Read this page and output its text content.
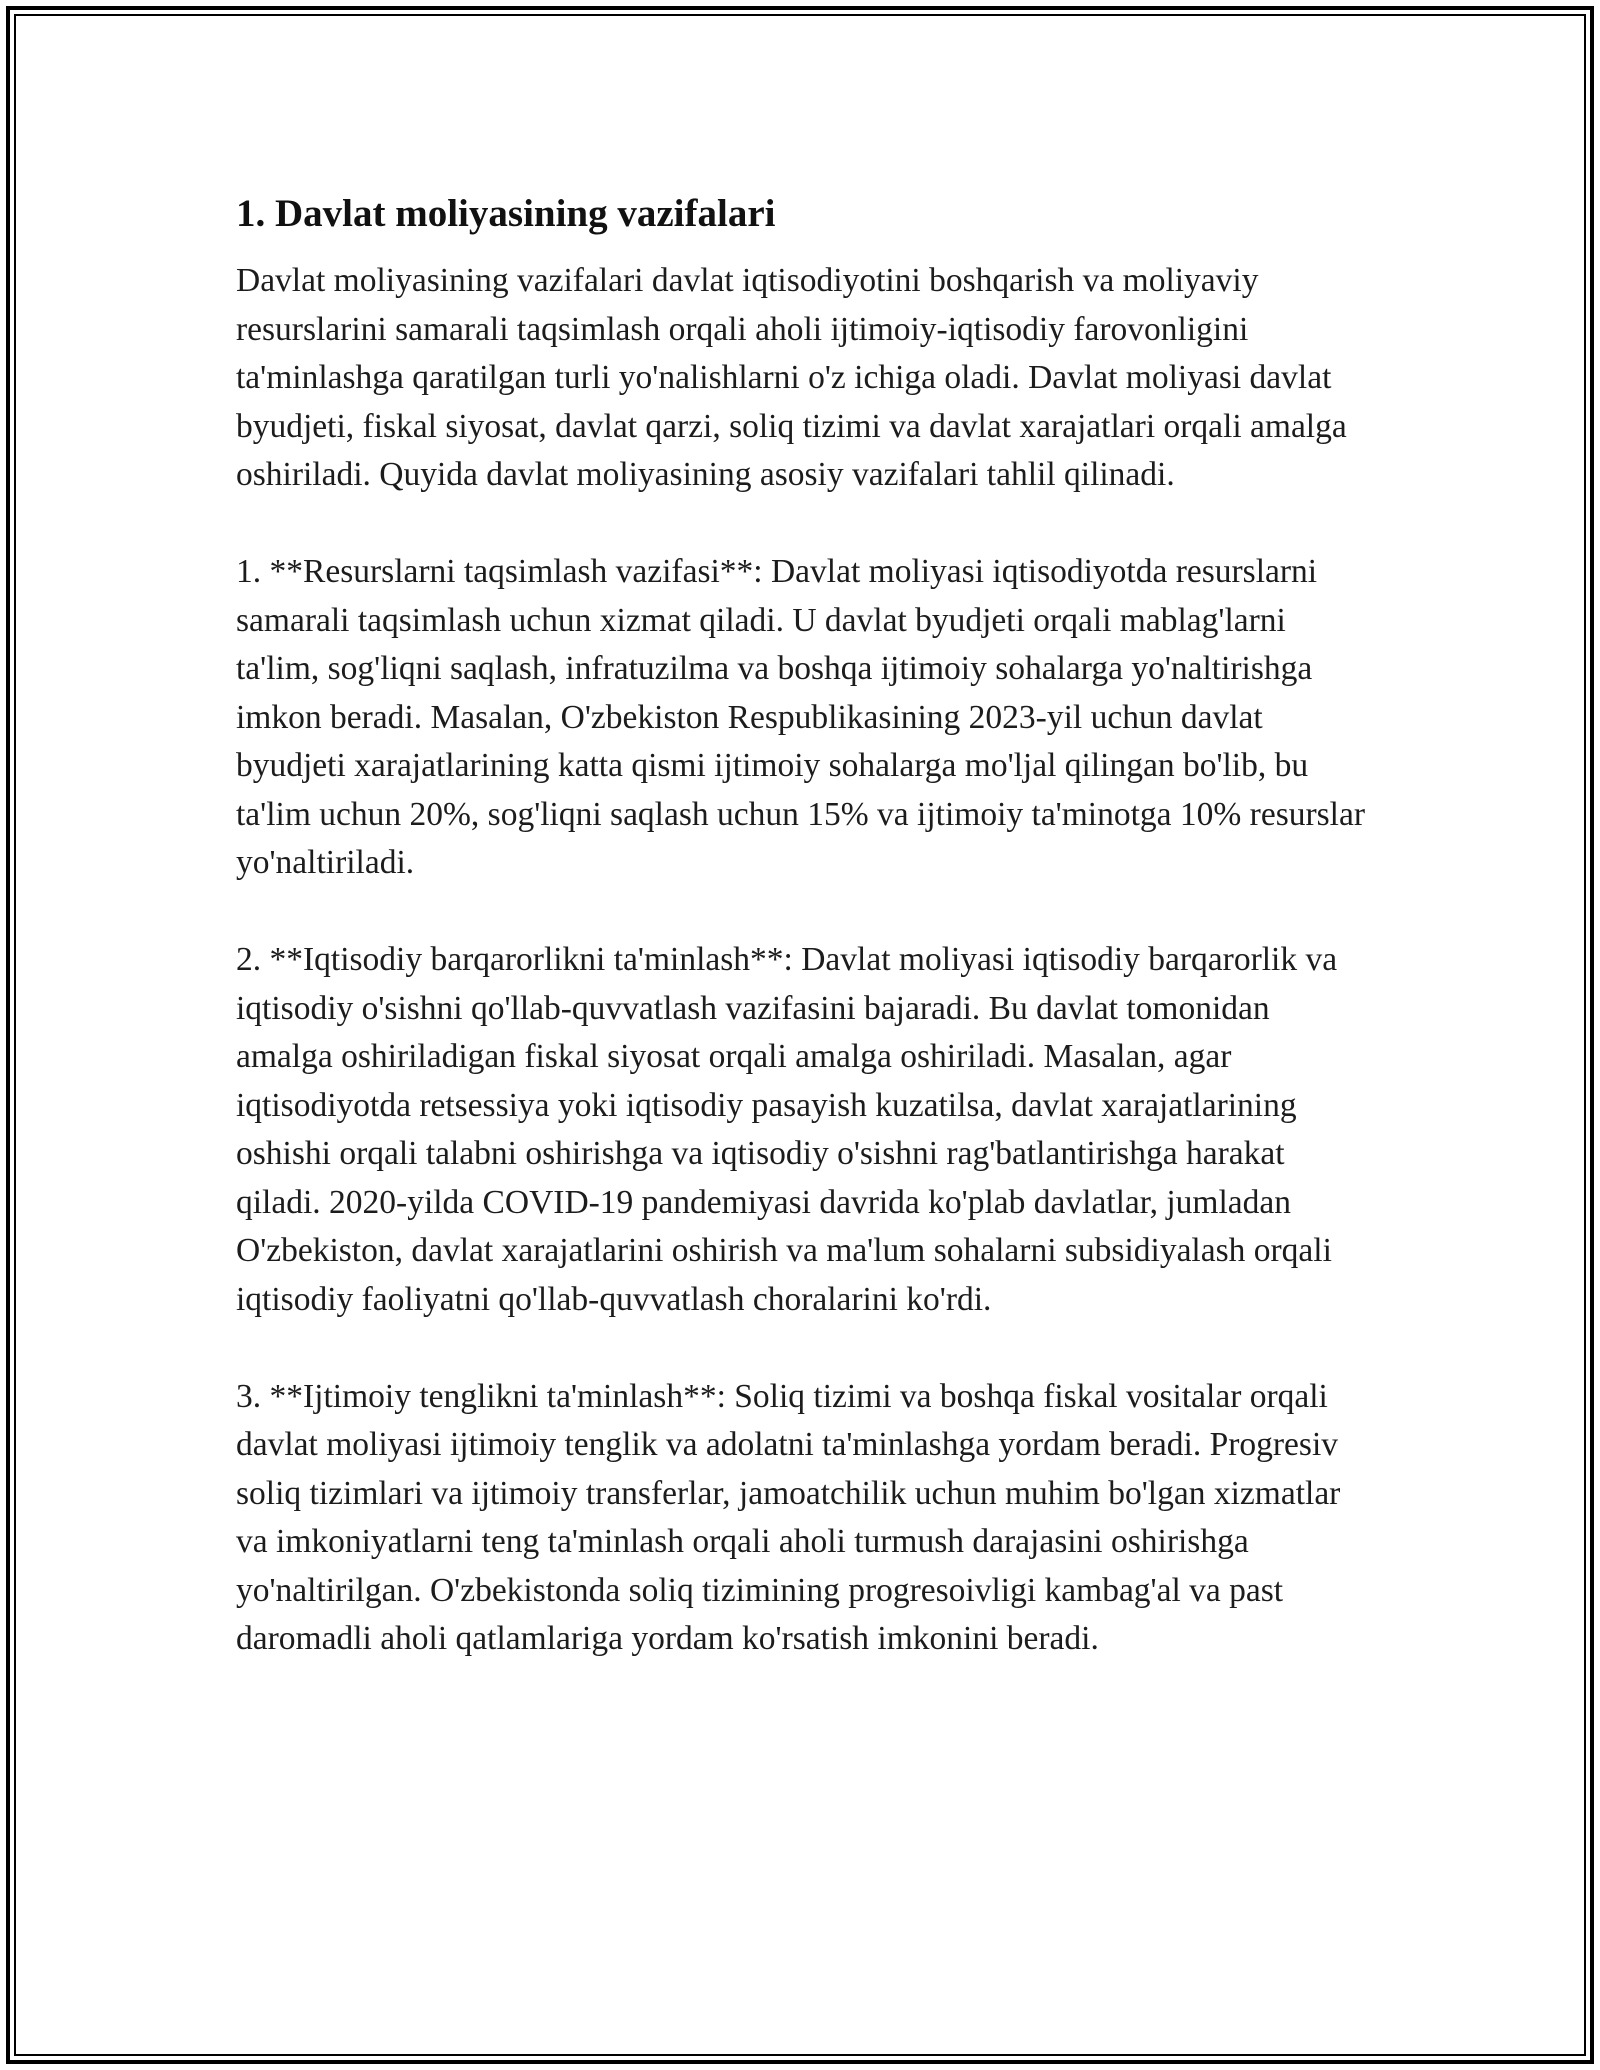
1. Davlat moliyasining vazifalari

Davlat moliyasining vazifalari davlat iqtisodiyotini boshqarish va moliyaviy resurslarini samarali taqsimlash orqali aholi ijtimoiy-iqtisodiy farovonligini ta'minlashga qaratilgan turli yo'nalishlarni o'z ichiga oladi. Davlat moliyasi davlat byudjeti, fiskal siyosat, davlat qarzi, soliq tizimi va davlat xarajatlari orqali amalga oshiriladi. Quyida davlat moliyasining asosiy vazifalari tahlil qilinadi.

1. **Resurslarni taqsimlash vazifasi**: Davlat moliyasi iqtisodiyotda resurslarni samarali taqsimlash uchun xizmat qiladi. U davlat byudjeti orqali mablag'larni ta'lim, sog'liqni saqlash, infratuzilma va boshqa ijtimoiy sohalarga yo'naltirishga imkon beradi. Masalan, O'zbekiston Respublikasining 2023-yil uchun davlat byudjeti xarajatlarining katta qismi ijtimoiy sohalarga mo'ljal qilingan bo'lib, bu ta'lim uchun 20%, sog'liqni saqlash uchun 15% va ijtimoiy ta'minotga 10% resurslar yo'naltiriladi.

2. **Iqtisodiy barqarorlikni ta'minlash**: Davlat moliyasi iqtisodiy barqarorlik va iqtisodiy o'sishni qo'llab-quvvatlash vazifasini bajaradi. Bu davlat tomonidan amalga oshiriladigan fiskal siyosat orqali amalga oshiriladi. Masalan, agar iqtisodiyotda retsessiya yoki iqtisodiy pasayish kuzatilsa, davlat xarajatlarining oshishi orqali talabni oshirishga va iqtisodiy o'sishni rag'batlantirishga harakat qiladi. 2020-yilda COVID-19 pandemiyasi davrida ko'plab davlatlar, jumladan O'zbekiston, davlat xarajatlarini oshirish va ma'lum sohalarni subsidiyalash orqali iqtisodiy faoliyatni qo'llab-quvvatlash choralarini ko'rdi.

3. **Ijtimoiy tenglikni ta'minlash**: Soliq tizimi va boshqa fiskal vositalar orqali davlat moliyasi ijtimoiy tenglik va adolatni ta'minlashga yordam beradi. Progresiv soliq tizimlari va ijtimoiy transferlar, jamoatchilik uchun muhim bo'lgan xizmatlar va imkoniyatlarni teng ta'minlash orqali aholi turmush darajasini oshirishga yo'naltirilgan. O'zbekistonda soliq tizimining progresoivligi kambag'al va past daromadli aholi qatlamlariga yordam ko'rsatish imkonini beradi.
